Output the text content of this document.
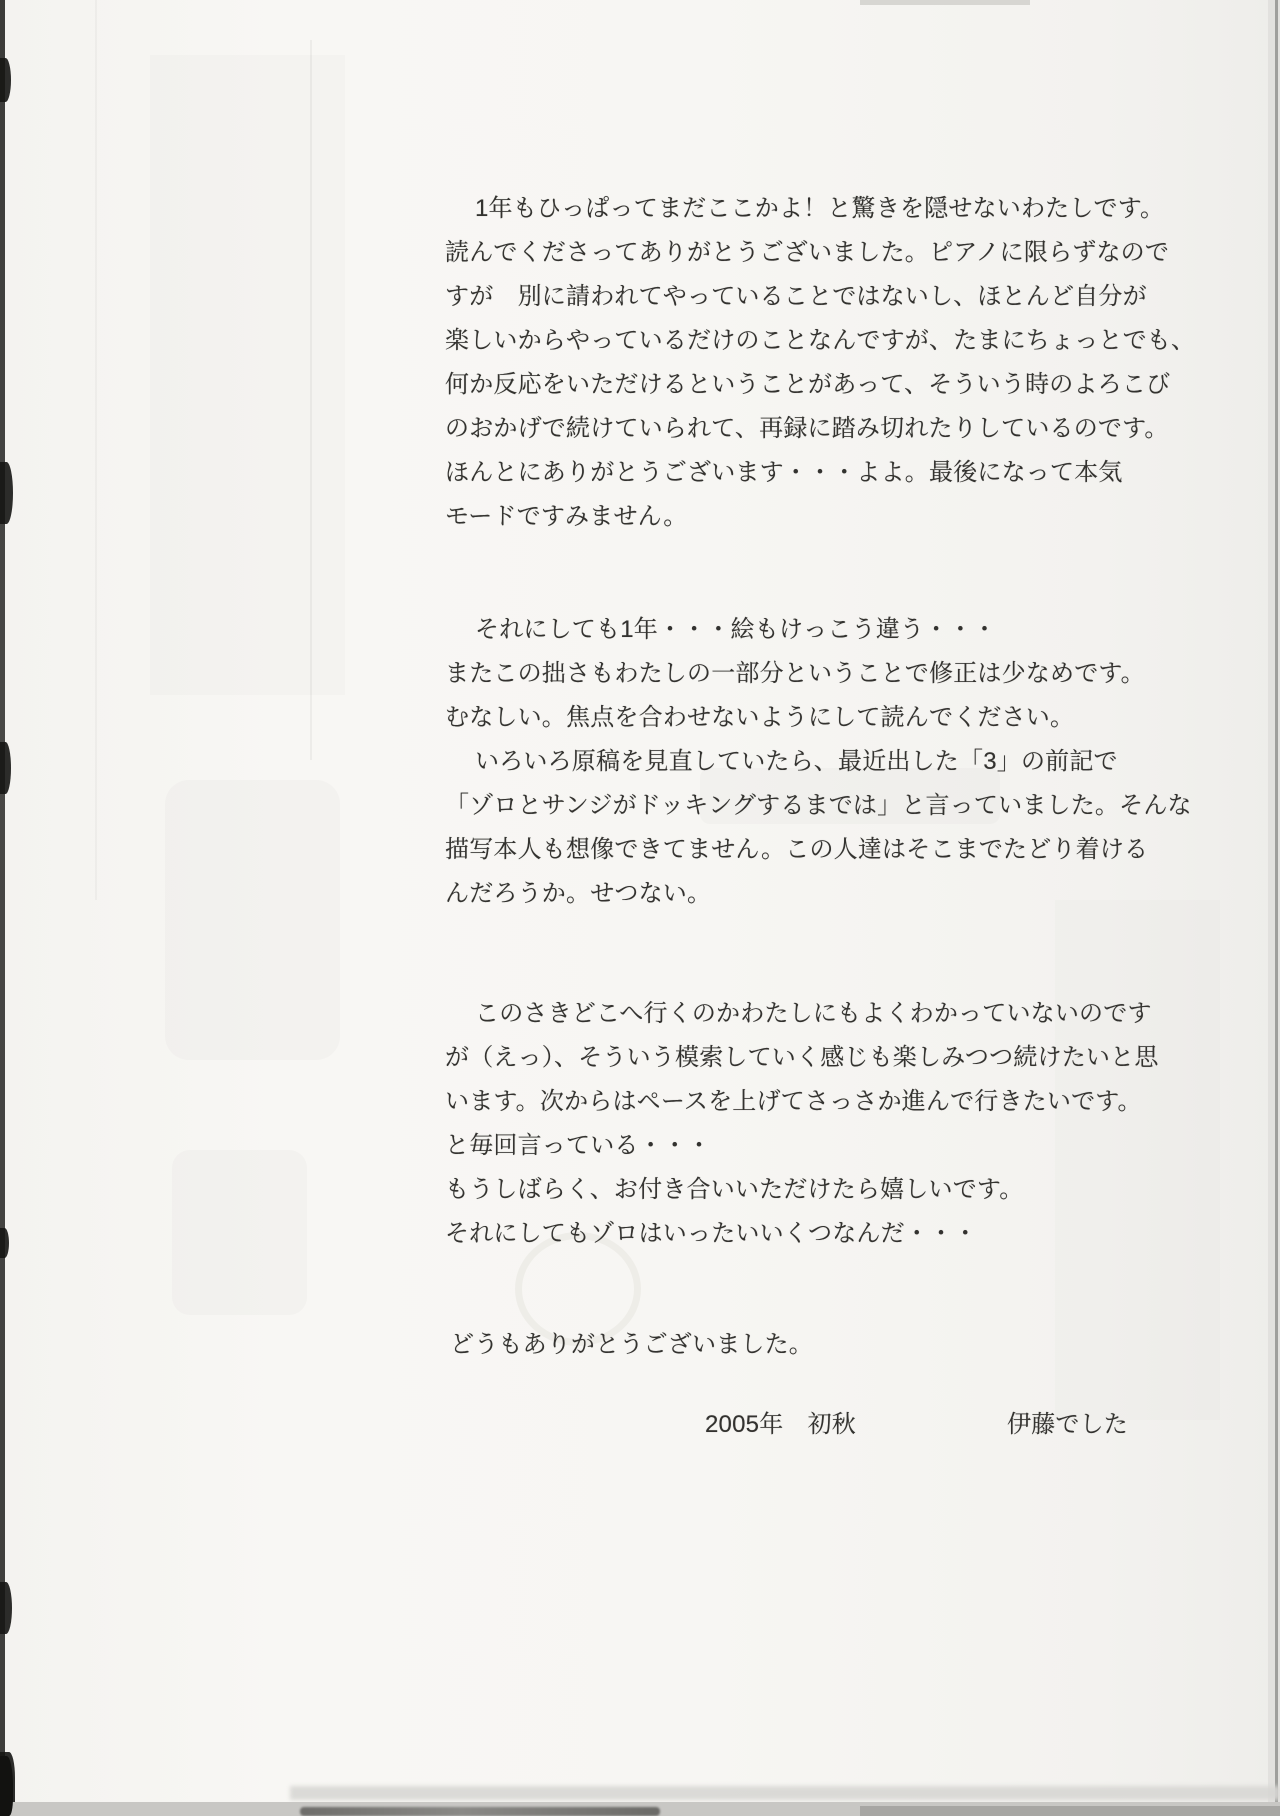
1年もひっぱってまだここかよ！と驚きを隠せないわたしです。
読んでくださってありがとうございました。ピアノに限らずなので
すが　別に請われてやっていることではないし、ほとんど自分が
楽しいからやっているだけのことなんですが、たまにちょっとでも、
何か反応をいただけるということがあって、そういう時のよろこび
のおかげで続けていられて、再録に踏み切れたりしているのです。
ほんとにありがとうございます・・・よよ。最後になって本気
モードですみません。
それにしても1年・・・絵もけっこう違う・・・
またこの拙さもわたしの一部分ということで修正は少なめです。
むなしい。焦点を合わせないようにして読んでください。
いろいろ原稿を見直していたら、最近出した「3」の前記で
「ゾロとサンジがドッキングするまでは」と言っていました。そんな
描写本人も想像できてません。この人達はそこまでたどり着ける
んだろうか。せつない。
このさきどこへ行くのかわたしにもよくわかっていないのです
が（えっ）、そういう模索していく感じも楽しみつつ続けたいと思
います。次からはペースを上げてさっさか進んで行きたいです。
と毎回言っている・・・
もうしばらく、お付き合いいただけたら嬉しいです。
それにしてもゾロはいったいいくつなんだ・・・
どうもありがとうございました。
2005年　初秋	伊藤でした
